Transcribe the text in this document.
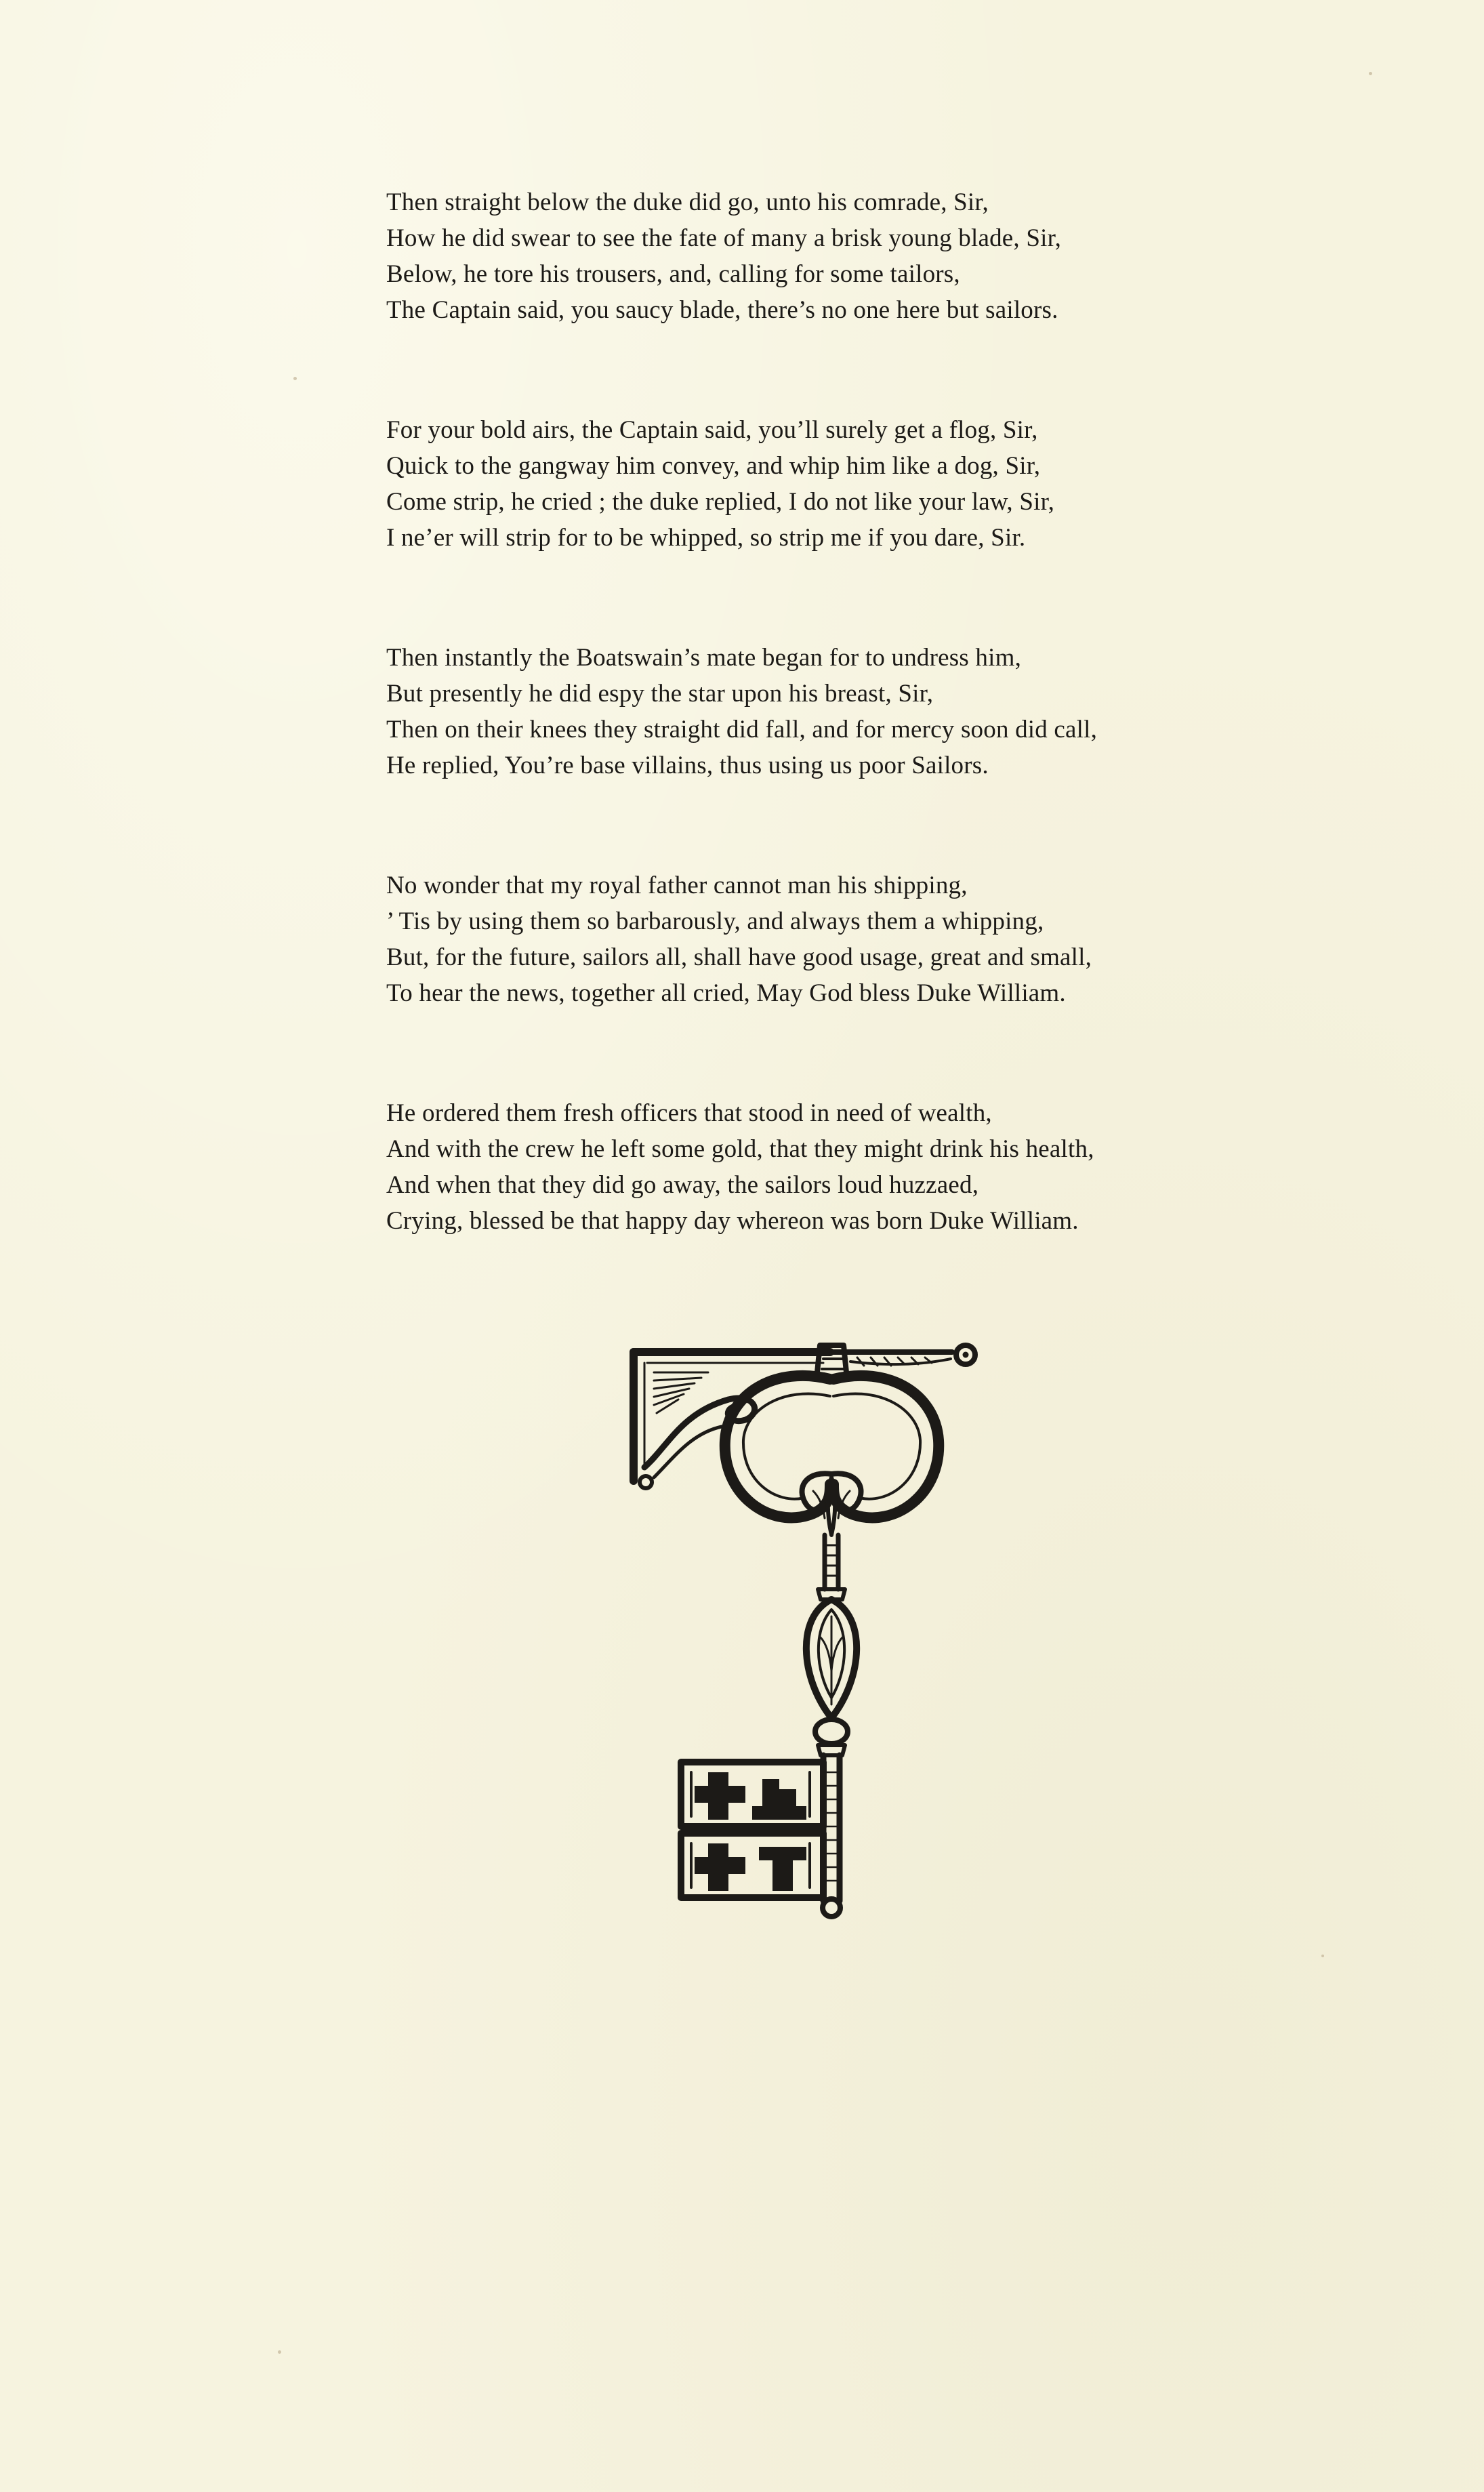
Then straight below the duke did go, unto his comrade, Sir,
How he did swear to see the fate of many a brisk young blade, Sir,
Below, he tore his trousers, and, calling for some tailors,
The Captain said, you saucy blade, there’s no one here but sailors.
For your bold airs, the Captain said, you’ll surely get a flog, Sir,
Quick to the gangway him convey, and whip him like a dog, Sir,
Come strip, he cried ; the duke replied, I do not like your law, Sir,
I ne’er will strip for to be whipped, so strip me if you dare, Sir.
Then instantly the Boatswain’s mate began for to undress him,
But presently he did espy the star upon his breast, Sir,
Then on their knees they straight did fall, and for mercy soon did call,
He replied, You’re base villains, thus using us poor Sailors.
No wonder that my royal father cannot man his shipping,
’ Tis by using them so barbarously, and always them a whipping,
But, for the future, sailors all, shall have good usage, great and small,
To hear the news, together all cried, May God bless Duke William.
He ordered them fresh officers that stood in need of wealth,
And with the crew he left some gold, that they might drink his health,
And when that they did go away, the sailors loud huzzaed,
Crying, blessed be that happy day whereon was born Duke William.
